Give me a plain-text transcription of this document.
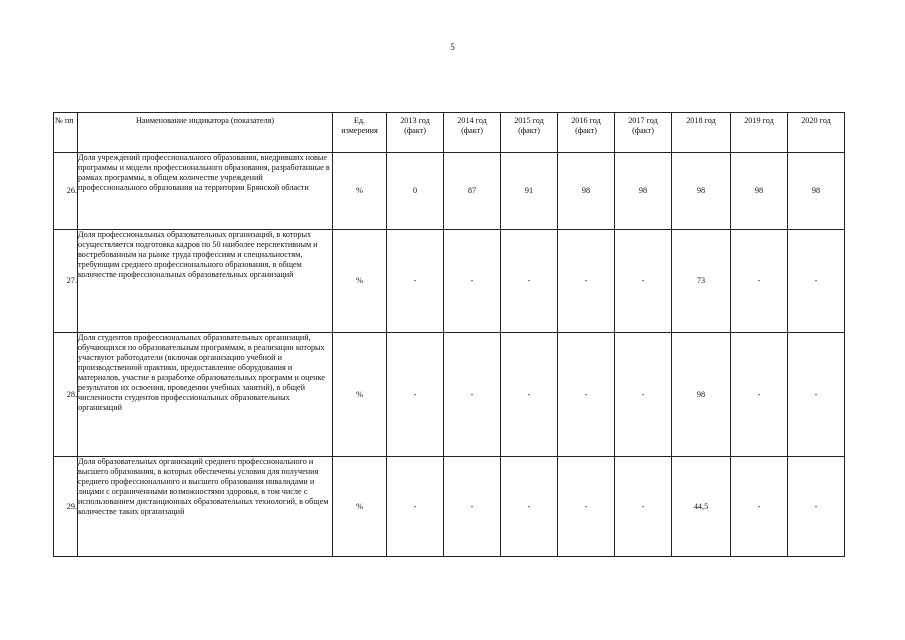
5
№ пп	Наименование индикатора (показателя)	Ед. измерения	2013 год (факт)	2014 год (факт)	2015 год (факт)	2016 год (факт)	2017 год (факт)	2018 год	2019 год	2020 год
26.	Доля учреждений профессионального образования, внедривших новые программы и модели профессионального образования, разработанные в рамках программы, в общем количестве учреждений профессионального образования на территории Брянской области	%	0	87	91	98	98	98	98	98
27.	Доля профессиональных образовательных организаций, в которых осуществляется подготовка кадров по 50 наиболее перспективным и востребованным на рынке труда профессиям и специальностям, требующим среднего профессионального образования, в общем количестве профессиональных образовательных организаций	%	-	-	-	-	-	73	-	-
28.	Доля студентов профессиональных образовательных организаций, обучающихся по образовательным программам, в реализации которых участвуют работодатели (включая организацию учебной и производственной практики, предоставление оборудования и материалов, участие в разработке образовательных программ и оценке результатов их освоения, проведении учебных занятий), в общей численности студентов профессиональных образовательных организаций	%	-	-	-	-	-	98	-	-
29.	Доля образовательных организаций среднего профессионального и высшего образования, в которых обеспечены условия для получения среднего профессионального и высшего образования инвалидами и лицами с ограниченными возможностями здоровья, в том числе с использованием дистанционных образовательных технологий, в общем количестве таких организаций	%	-	-	-	-	-	44,5	-	-
